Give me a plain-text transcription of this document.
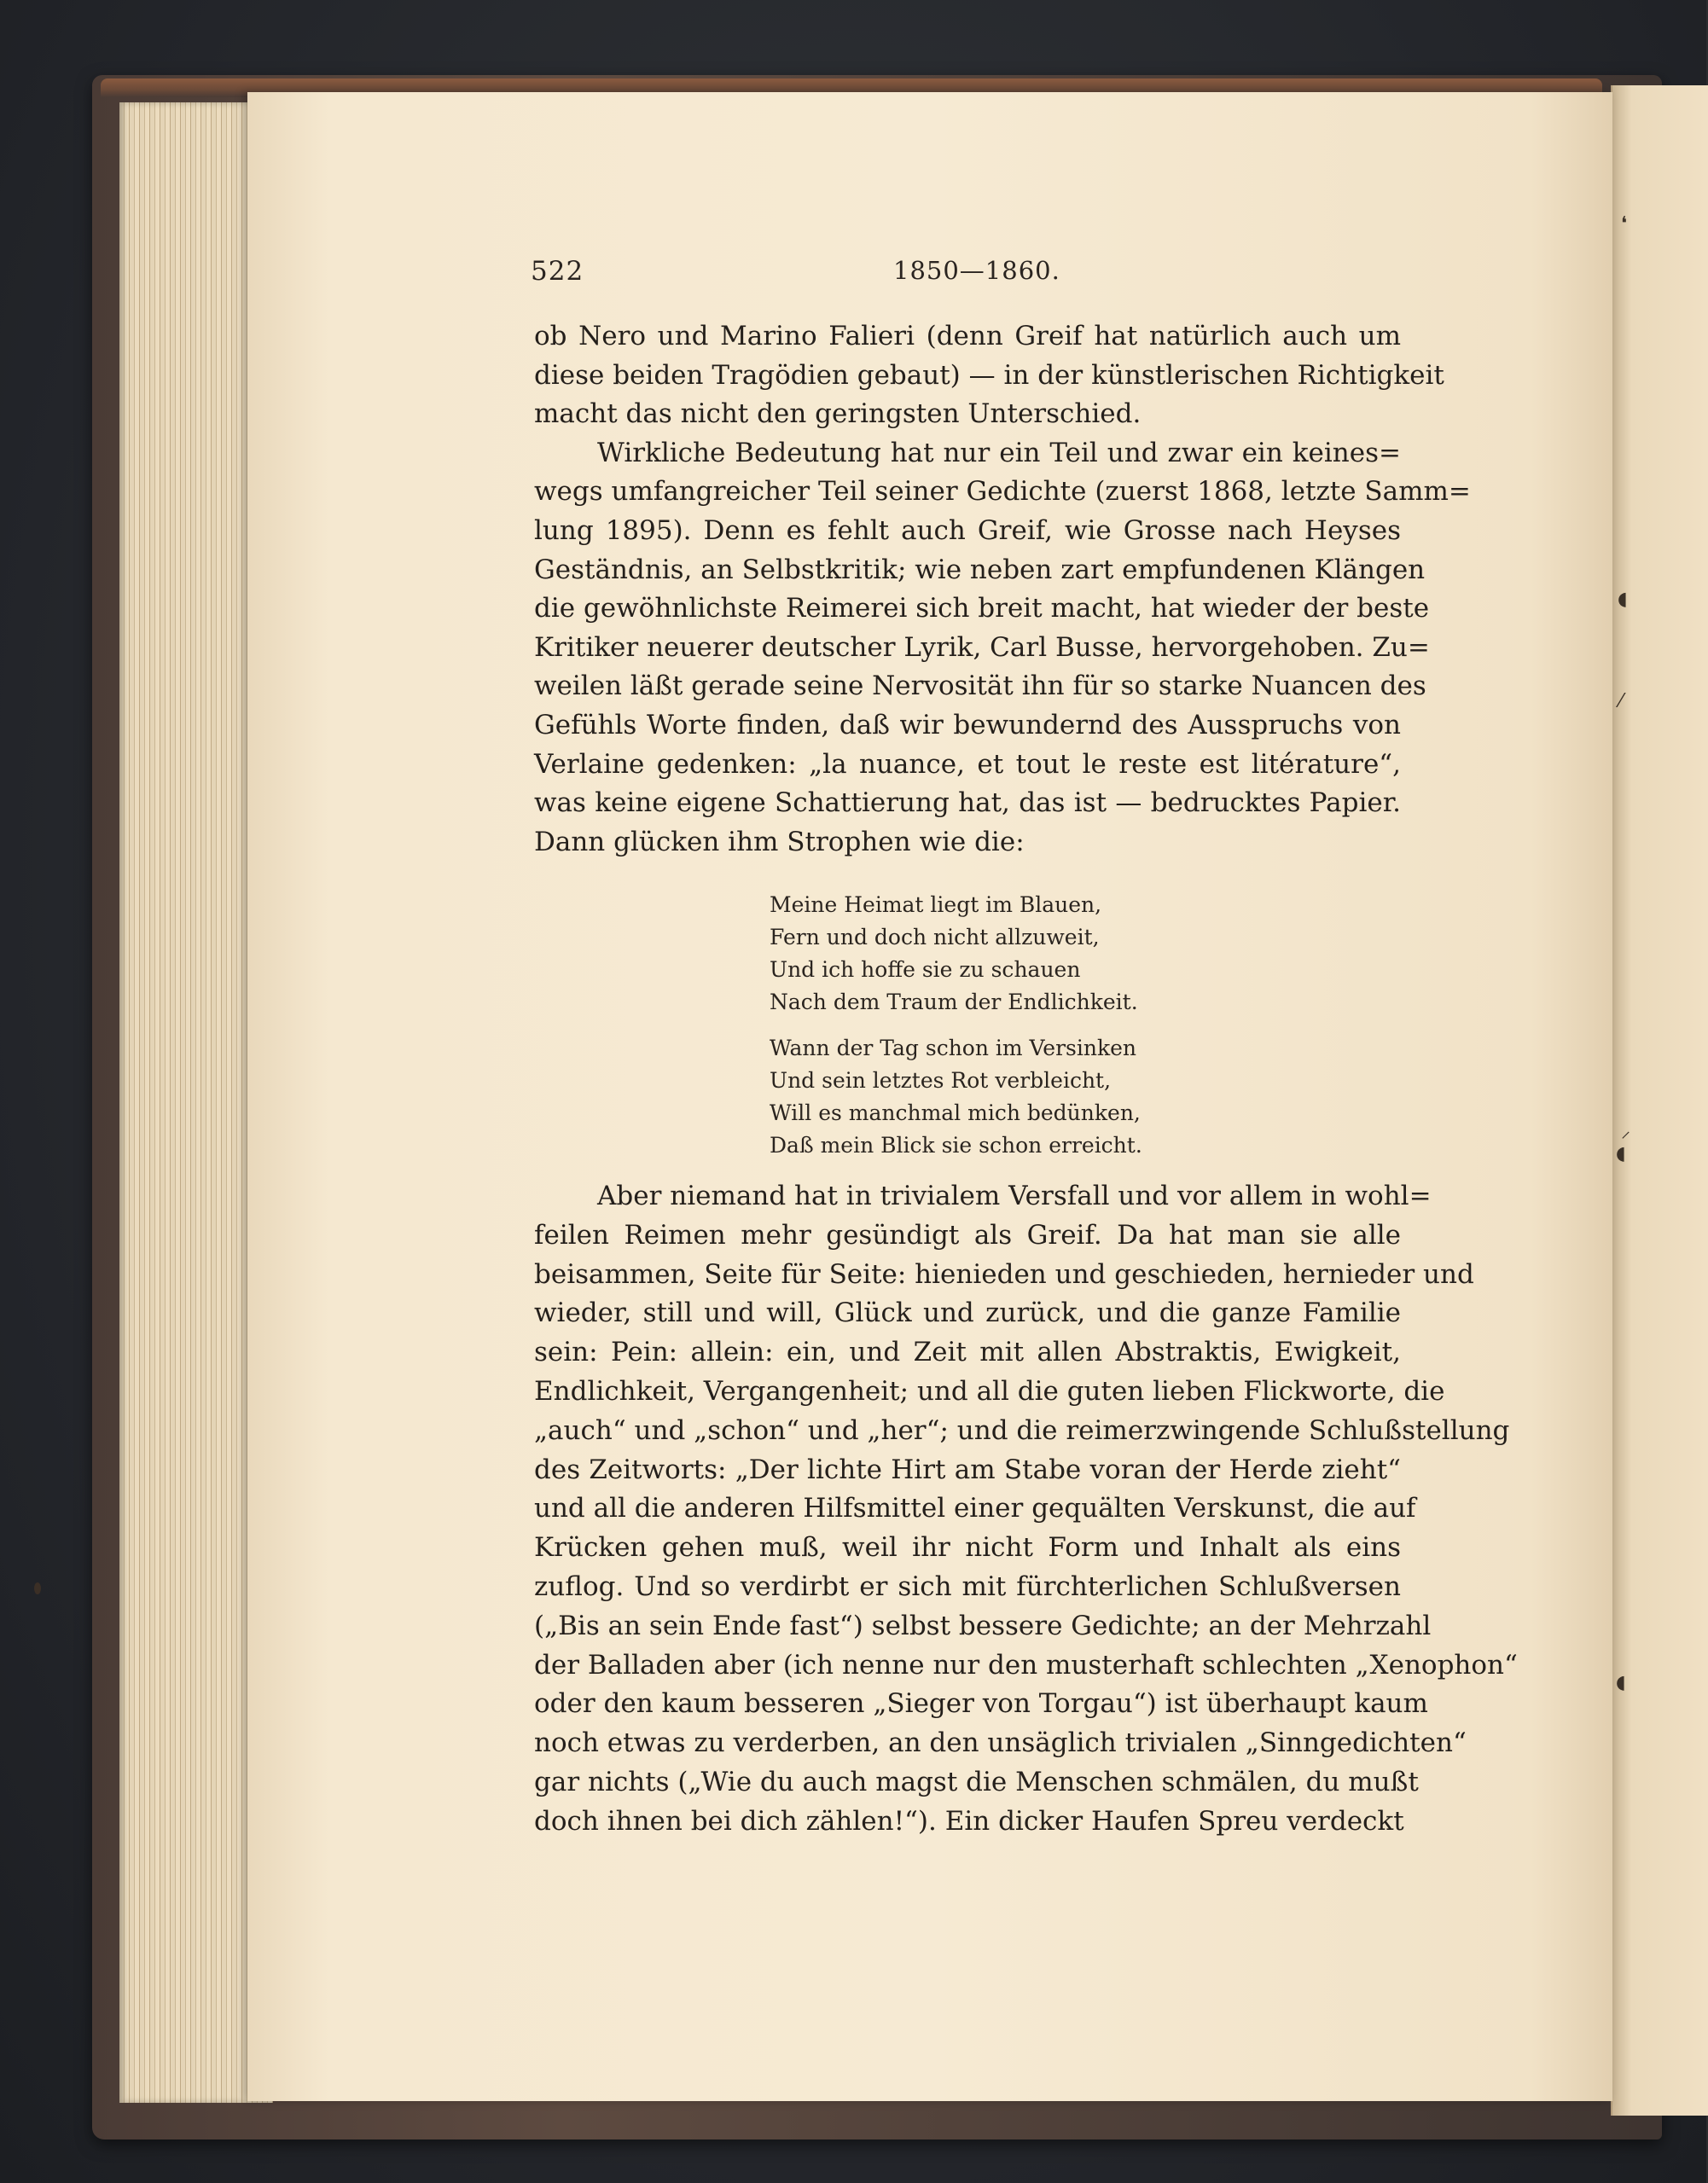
❛
◖
⁄
⸝
◖
◖
522	1850—1860.
ob Nero und Marino Falieri (denn Greif hat natürlich auch um
diese beiden Tragödien gebaut) — in der künstlerischen Richtigkeit
macht das nicht den geringsten Unterschied.
Wirkliche Bedeutung hat nur ein Teil und zwar ein keines=
wegs umfangreicher Teil seiner Gedichte (zuerst 1868, letzte Samm=
lung 1895). Denn es fehlt auch Greif, wie Grosse nach Heyses
Geständnis, an Selbstkritik; wie neben zart empfundenen Klängen
die gewöhnlichste Reimerei sich breit macht, hat wieder der beste
Kritiker neuerer deutscher Lyrik, Carl Busse, hervorgehoben. Zu=
weilen läßt gerade seine Nervosität ihn für so starke Nuancen des
Gefühls Worte finden, daß wir bewundernd des Ausspruchs von
Verlaine gedenken: „la nuance, et tout le reste est litérature“,
was keine eigene Schattierung hat, das ist — bedrucktes Papier.
Dann glücken ihm Strophen wie die:
Meine Heimat liegt im Blauen,
Fern und doch nicht allzuweit,
Und ich hoffe sie zu schauen
Nach dem Traum der Endlichkeit.
Wann der Tag schon im Versinken
Und sein letztes Rot verbleicht,
Will es manchmal mich bedünken,
Daß mein Blick sie schon erreicht.
Aber niemand hat in trivialem Versfall und vor allem in wohl=
feilen Reimen mehr gesündigt als Greif. Da hat man sie alle
beisammen, Seite für Seite: hienieden und geschieden, hernieder und
wieder, still und will, Glück und zurück, und die ganze Familie
sein: Pein: allein: ein, und Zeit mit allen Abstraktis, Ewigkeit,
Endlichkeit, Vergangenheit; und all die guten lieben Flickworte, die
„auch“ und „schon“ und „her“; und die reimerzwingende Schlußstellung
des Zeitworts: „Der lichte Hirt am Stabe voran der Herde zieht“
und all die anderen Hilfsmittel einer gequälten Verskunst, die auf
Krücken gehen muß, weil ihr nicht Form und Inhalt als eins
zuflog. Und so verdirbt er sich mit fürchterlichen Schlußversen
(„Bis an sein Ende fast“) selbst bessere Gedichte; an der Mehrzahl
der Balladen aber (ich nenne nur den musterhaft schlechten „Xenophon“
oder den kaum besseren „Sieger von Torgau“) ist überhaupt kaum
noch etwas zu verderben, an den unsäglich trivialen „Sinngedichten“
gar nichts („Wie du auch magst die Menschen schmälen, du mußt
doch ihnen bei dich zählen!“). Ein dicker Haufen Spreu verdeckt
